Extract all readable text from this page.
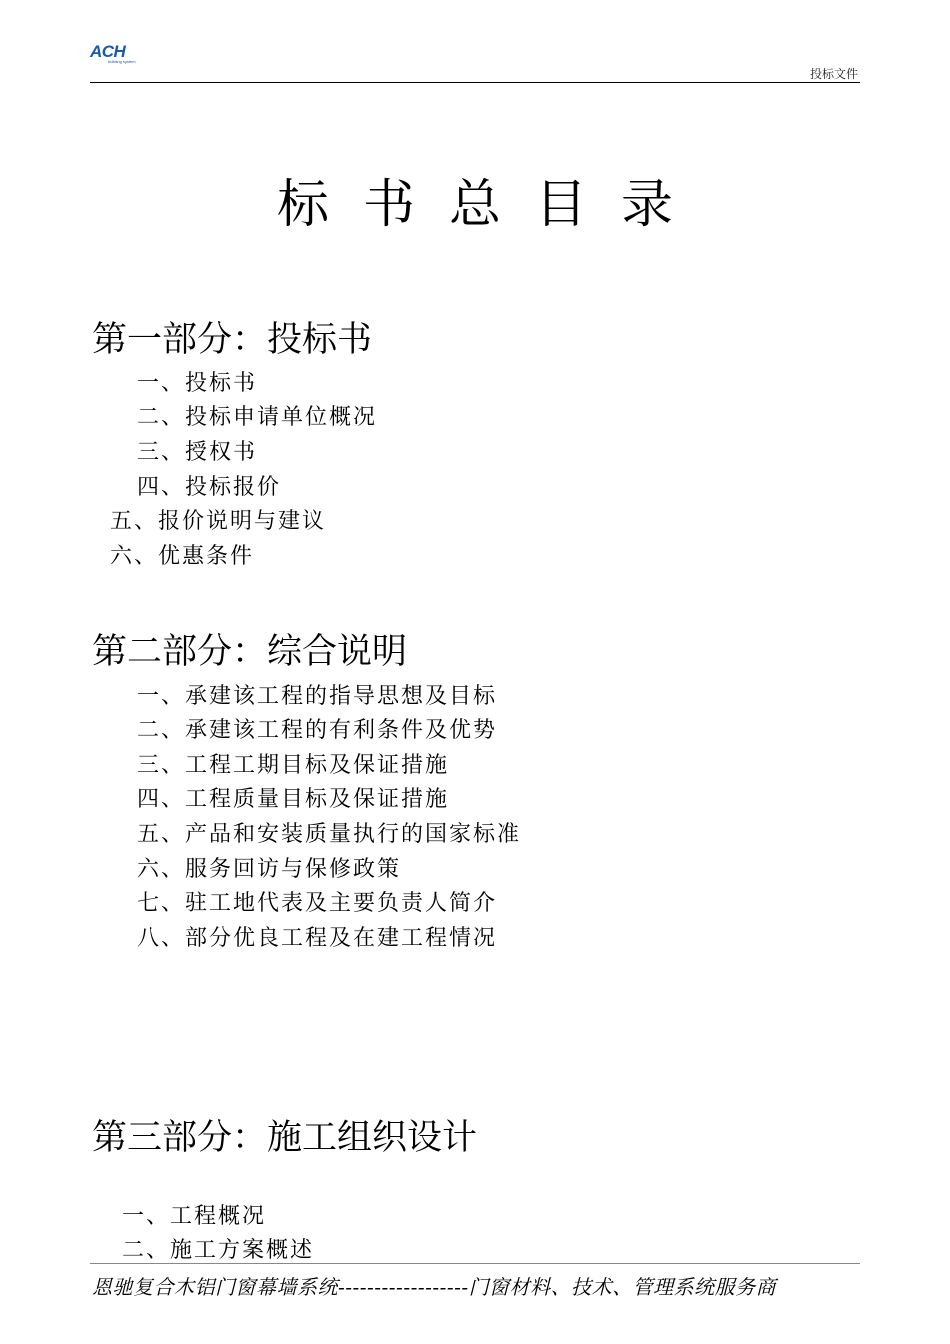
ACH
building system
投标文件
标书总目录
第一部分：投标书
一、投标书
二、投标申请单位概况
三、授权书
四、投标报价
五、报价说明与建议
六、优惠条件
第二部分：综合说明
一、承建该工程的指导思想及目标
二、承建该工程的有利条件及优势
三、工程工期目标及保证措施
四、工程质量目标及保证措施
五、产品和安装质量执行的国家标准
六、服务回访与保修政策
七、驻工地代表及主要负责人简介
八、部分优良工程及在建工程情况
第三部分：施工组织设计
一、工程概况
二、施工方案概述
恩驰复合木铝门窗幕墙系统------------------门窗材料、技术、管理系统服务商
